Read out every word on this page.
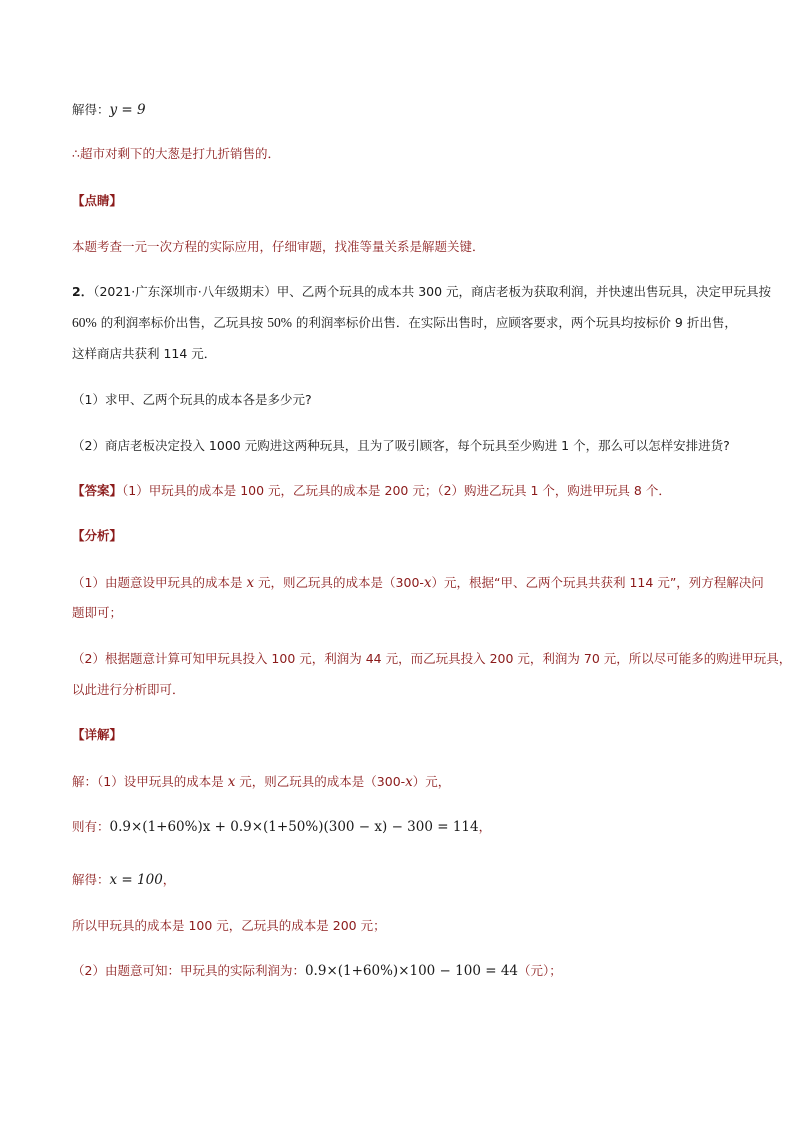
解得：y = 9
∴超市对剩下的大葱是打九折销售的．
【点睛】
本题考查一元一次方程的实际应用，仔细审题，找准等量关系是解题关键．
2．（2021·广东深圳市·八年级期末）甲、乙两个玩具的成本共 300 元，商店老板为获取利润，并快速出售玩具，决定甲玩具按
60% 的利润率标价出售，乙玩具按 50% 的利润率标价出售．在实际出售时，应顾客要求，两个玩具均按标价 9 折出售，
这样商店共获利 114 元．
（1）求甲、乙两个玩具的成本各是多少元?
（2）商店老板决定投入 1000 元购进这两种玩具，且为了吸引顾客，每个玩具至少购进 1 个，那么可以怎样安排进货?
【答案】（1）甲玩具的成本是 100 元，乙玩具的成本是 200 元；（2）购进乙玩具 1 个，购进甲玩具 8 个．
【分析】
（1）由题意设甲玩具的成本是 x 元，则乙玩具的成本是（300-x）元，根据“甲、乙两个玩具共获利 114 元”，列方程解决问
题即可；
（2）根据题意计算可知甲玩具投入 100 元，利润为 44 元，而乙玩具投入 200 元，利润为 70 元，所以尽可能多的购进甲玩具，
以此进行分析即可．
【详解】
解：（1）设甲玩具的成本是 x 元，则乙玩具的成本是（300-x）元，
则有：0.9×(1+60%)x + 0.9×(1+50%)(300 − x) − 300 = 114，
解得：x = 100，
所以甲玩具的成本是 100 元，乙玩具的成本是 200 元；
（2）由题意可知：甲玩具的实际利润为：0.9×(1+60%)×100 − 100 = 44（元）；
